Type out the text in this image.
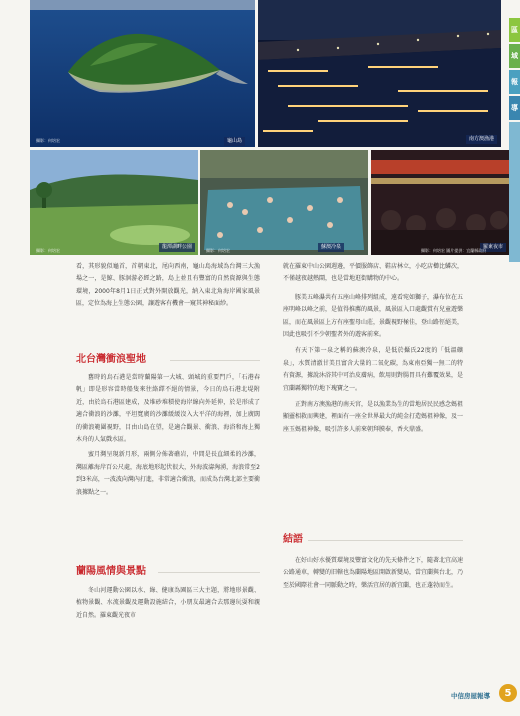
攝影：何培宏	南方澳漁港
龜山島
龍潭湖畔公園
攝影：何培宏
蘇澳冷泉
攝影：何培宏
羅東夜市
攝影：何培宏 圖片提供：宜蘭縣政府
區
域
報
導

看，其形貌似龜首，首朝東北，尾向西南，龜山島海域為台灣三大漁場之一，是鯨、豚洄游必經之路，島上並且有豐富的自然資源與生態環境，2000年8月1日正式對外開放觀光，納入東北角海岸國家風景區，定位為海上生態公園，讓遊客有機會一窺其神秘面紗。

北台灣衝浪聖地

舊時的烏石港是當時蘭陽第一大城、頭城的重要門戶，「石港春帆」即是形容當時船隻來往絡繹不絕的情景，今日的烏石港北堤附近，由於烏石港區建成，及堆砂堆積使海岸線向外延伸，於是形成了適合衝浪的沙灘，平坦寬廣的沙灘緩緩沒入大平洋的海裡，加上廣闊的衝浪範圍視野，目由山島在望，是適合觀景、衝浪、海浴和海上獨木舟的人氣戲水區。

蜜月灣呈現新月形，兩側分佈著礁岩，中間是長直細柔的沙灘，灣區離海岸百公尺處，海底地形起伏很大，外海波濤洶湧，海浪常至2到3米高，一波波向灣內打進，非常適合衝浪，而成為台灣北部主要衝浪據點之一。

蘭陽風情與景點

冬山河運動公園以水、綠、健康為園區三大主題，將地形景觀、植物景觀、水流景觀及運動設施結合，小朋友最適合去那邊玩耍和親近自然。羅東觀光夜市

就在羅東中山公園週邊，平價服飾店、鞋店林立，小吃店櫛比鱗次，不僅越夜越熱鬧，也是當地逛街購物的中心。

豚美五峰瀑共有五座山峰排列組成，遠看宛如獅子，瀑布位在五座明峰以峰之前，是值得推薦的風景，風景區入口處觀賞有兒童遊樂區，而在風景區上方有座聖母山莊，景觀視野極佳，登山路徑絕美，因此也吸引不少朝聖者外的遊客前來。

有天下第一泉之稱的蘇澳冷泉，是低於攝氏22度的「低溫礦泉」，水質清澈甘美且富含大量的二氧化碳，為東南亞獨一無二的特有資源，據說沐浴其中可治皮膚病，飲用則對腸胃具有難覆效果，是宜蘭縣獨特的地下瑰寶之一。

正對南方澳漁港的南天宮，是以漁業為生的當地居民民感念媽祖顯靈相救而興建，裡面有一座全世界最大的純金打造媽祖神像，及一座玉媽祖神像，吸引許多人前來朝拜膜奉，香火鼎盛。

結語

在好山好水優質環境及豐富文化的先天條件之下，隨著北宜高速公路通車，轉變的旧轄也為蘭陽地區開啟新變局，當宜蘭與台北，乃至於國際社會一同脈動之時，樂活宜居的新宜蘭，也正蓬勃而生。

中信房屋報導	5
